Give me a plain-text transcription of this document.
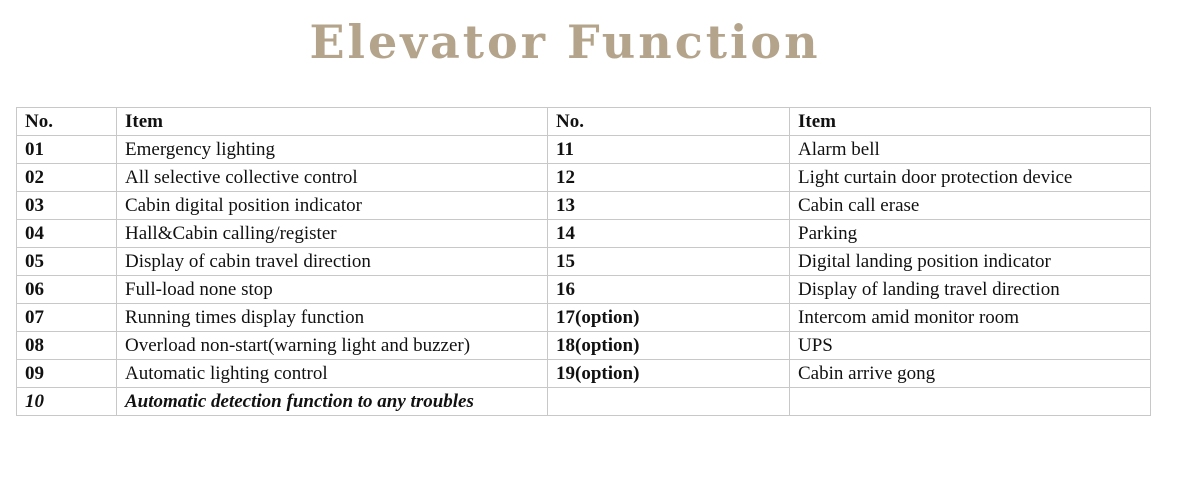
Elevator Function
No.	Item	No.	Item
01	Emergency lighting	11	Alarm bell
02	All selective collective control	12	Light curtain door protection device
03	Cabin digital position indicator	13	Cabin call erase
04	Hall&Cabin calling/register	14	Parking
05	Display of cabin travel direction	15	Digital landing position indicator
06	Full-load none stop	16	Display of landing travel direction
07	Running times display function	17(option)	Intercom amid monitor room
08	Overload non-start(warning light and buzzer)	18(option)	UPS
09	Automatic lighting control	19(option)	Cabin arrive gong
10	Automatic detection function to any troubles		
